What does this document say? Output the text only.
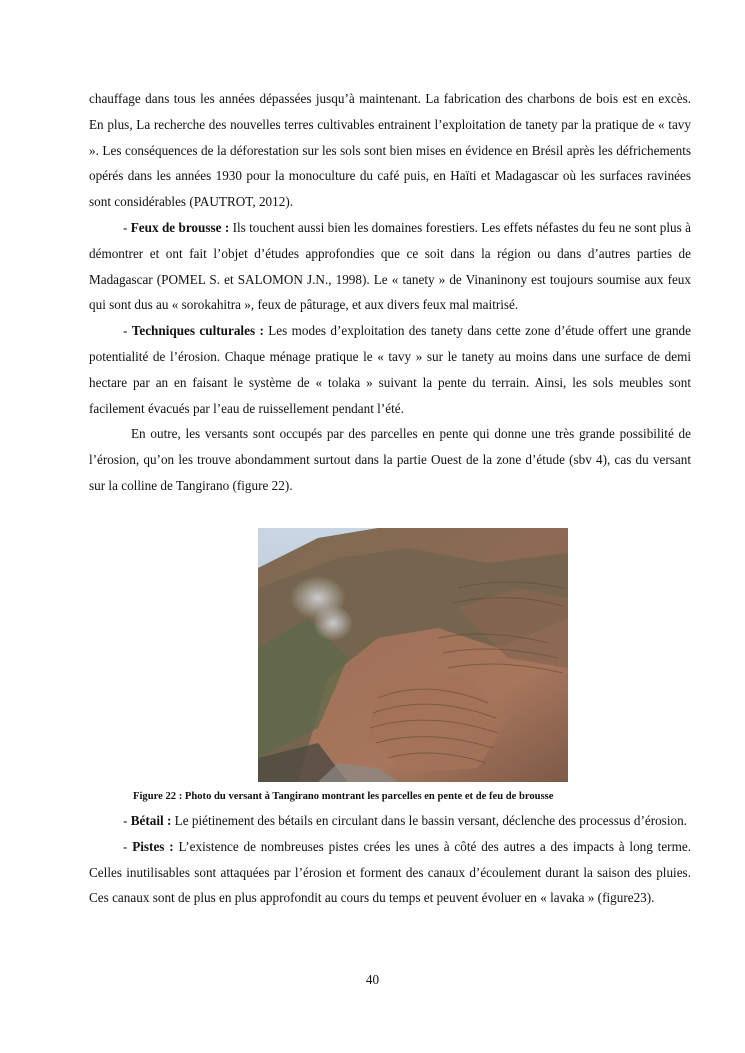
chauffage dans tous les années dépassées jusqu’à maintenant. La fabrication des charbons de bois est en excès. En plus, La recherche des nouvelles terres cultivables entrainent l’exploitation de tanety par la pratique de « tavy ». Les conséquences de la déforestation sur les sols sont bien mises en évidence en Brésil après les défrichements opérés dans les années 1930 pour la monoculture du café puis, en Haïti et Madagascar où les surfaces ravinées sont considérables (PAUTROT, 2012).

- Feux de brousse : Ils touchent aussi bien les domaines forestiers. Les effets néfastes du feu ne sont plus à démontrer et ont fait l’objet d’études approfondies que ce soit dans la région ou dans d’autres parties de Madagascar (POMEL S. et SALOMON J.N., 1998). Le « tanety » de Vinaninony est toujours soumise aux feux qui sont dus au « sorokahitra », feux de pâturage, et aux divers feux mal maitrisé.

- Techniques culturales : Les modes d’exploitation des tanety dans cette zone d’étude offert une grande potentialité de l’érosion. Chaque ménage pratique le « tavy » sur le tanety au moins dans une surface de demi hectare par an en faisant le système de « tolaka » suivant la pente du terrain. Ainsi, les sols meubles sont facilement évacués par l’eau de ruissellement pendant l’été.

En outre, les versants sont occupés par des parcelles en pente qui donne une très grande possibilité de l’érosion, qu’on les trouve abondamment surtout dans la partie Ouest de la zone d’étude (sbv 4), cas du versant sur la colline de Tangirano (figure 22).

Figure 22 : Photo du versant à Tangirano montrant les parcelles en pente et de feu de brousse

- Bétail : Le piétinement des bétails en circulant dans le bassin versant, déclenche des processus d’érosion.

- Pistes : L’existence de nombreuses pistes crées les unes à côté des autres a des impacts à long terme. Celles inutilisables sont attaquées par l’érosion et forment des canaux d’écoulement durant la saison des pluies. Ces canaux sont de plus en plus approfondit au cours du temps et peuvent évoluer en « lavaka » (figure23).

40
